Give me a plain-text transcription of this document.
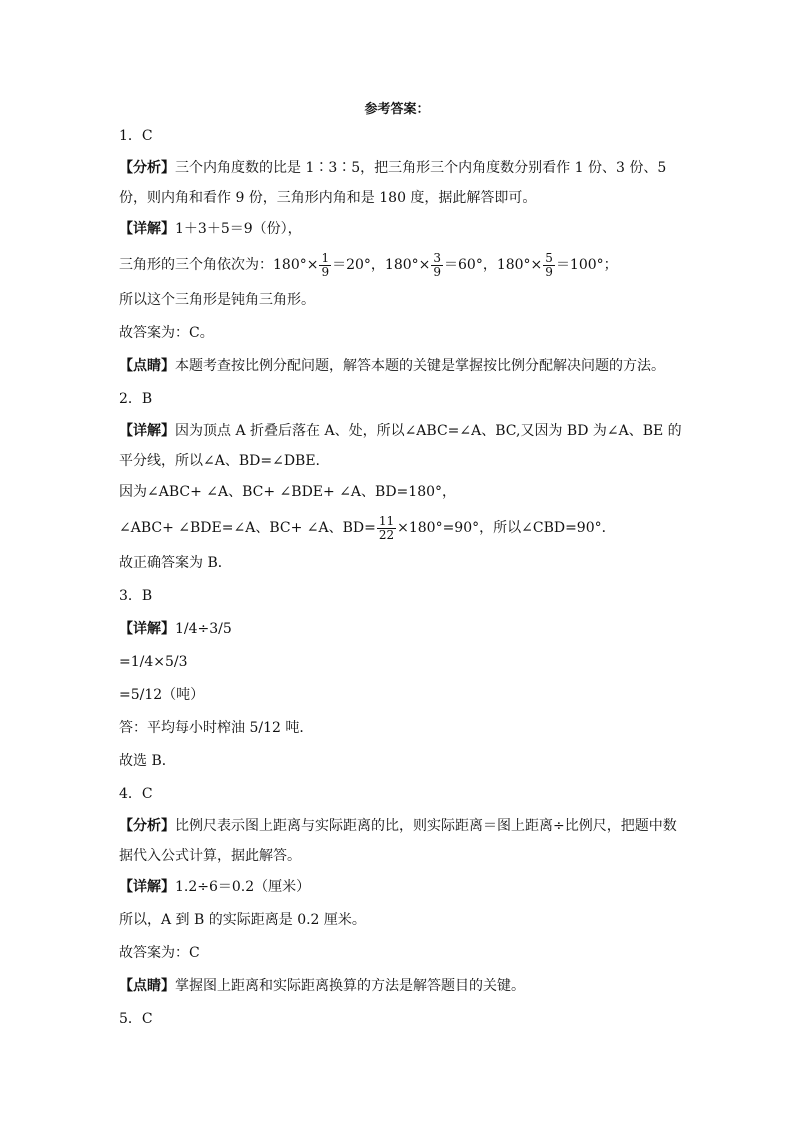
参考答案：
1．C
【分析】三个内角度数的比是 1∶3∶5，把三角形三个内角度数分别看作 1 份、3 份、5 份，则内角和看作 9 份，三角形内角和是 180 度，据此解答即可。
【详解】1＋3＋5＝9（份），
三角形的三个角依次为：$180^\circ\times \frac{1}{9} =20^\circ$，$180^\circ\times \frac{3}{9} =60^\circ$，$180^\circ\times \frac{5}{9} =100^\circ$；
所以这个三角形是钝角三角形。
故答案为：C。
【点睛】本题考查按比例分配问题，解答本题的关键是掌握按比例分配解决问题的方法。
2．B
【详解】因为顶点 A 折叠后落在 A、处，所以∠ABC=∠A、BC,又因为 BD 为∠A、BE 的平分线，所以∠A、BD=∠DBE.
因为∠ABC+ ∠A、BC+ ∠BDE+ ∠A、BD=180°，
∠ABC+ ∠BDE=∠A、BC+ ∠A、$BD= \frac{11}{22} \times 180^\circ=90^\circ$，所以∠CBD=90°．
故正确答案为 B．
3．B
【详解】1/4÷3/5
=1/4×5/3
=5/12（吨）
答：平均每小时榨油 5/12 吨．
故选 B．
4．C
【分析】比例尺表示图上距离与实际距离的比，则实际距离＝图上距离÷比例尺，把题中数据代入公式计算，据此解答。
【详解】1.2÷6＝0.2（厘米）
所以，A 到 B 的实际距离是 0.2 厘米。
故答案为：C
【点睛】掌握图上距离和实际距离换算的方法是解答题目的关键。
5．C
